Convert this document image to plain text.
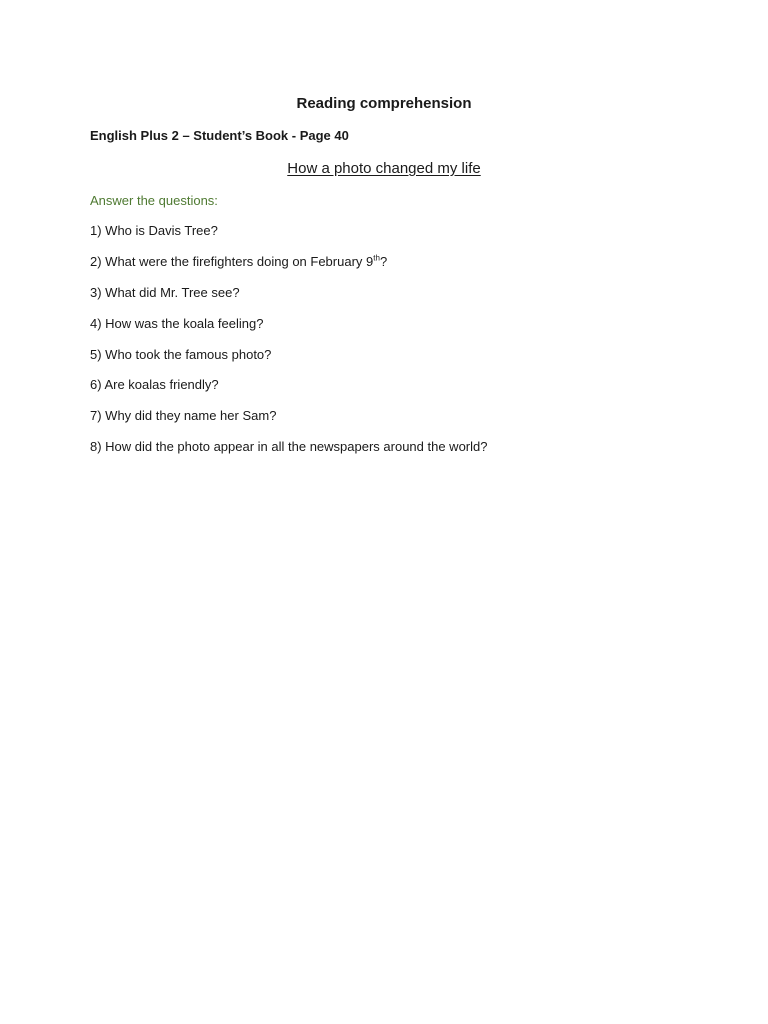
Reading comprehension
English Plus 2 – Student’s Book - Page 40
How a photo changed my life
Answer the questions:
1) Who is Davis Tree?
2) What were the firefighters doing on February 9th?
3) What did Mr. Tree see?
4) How was the koala feeling?
5) Who took the famous photo?
6) Are koalas friendly?
7) Why did they name her Sam?
8) How did the photo appear in all the newspapers around the world?
